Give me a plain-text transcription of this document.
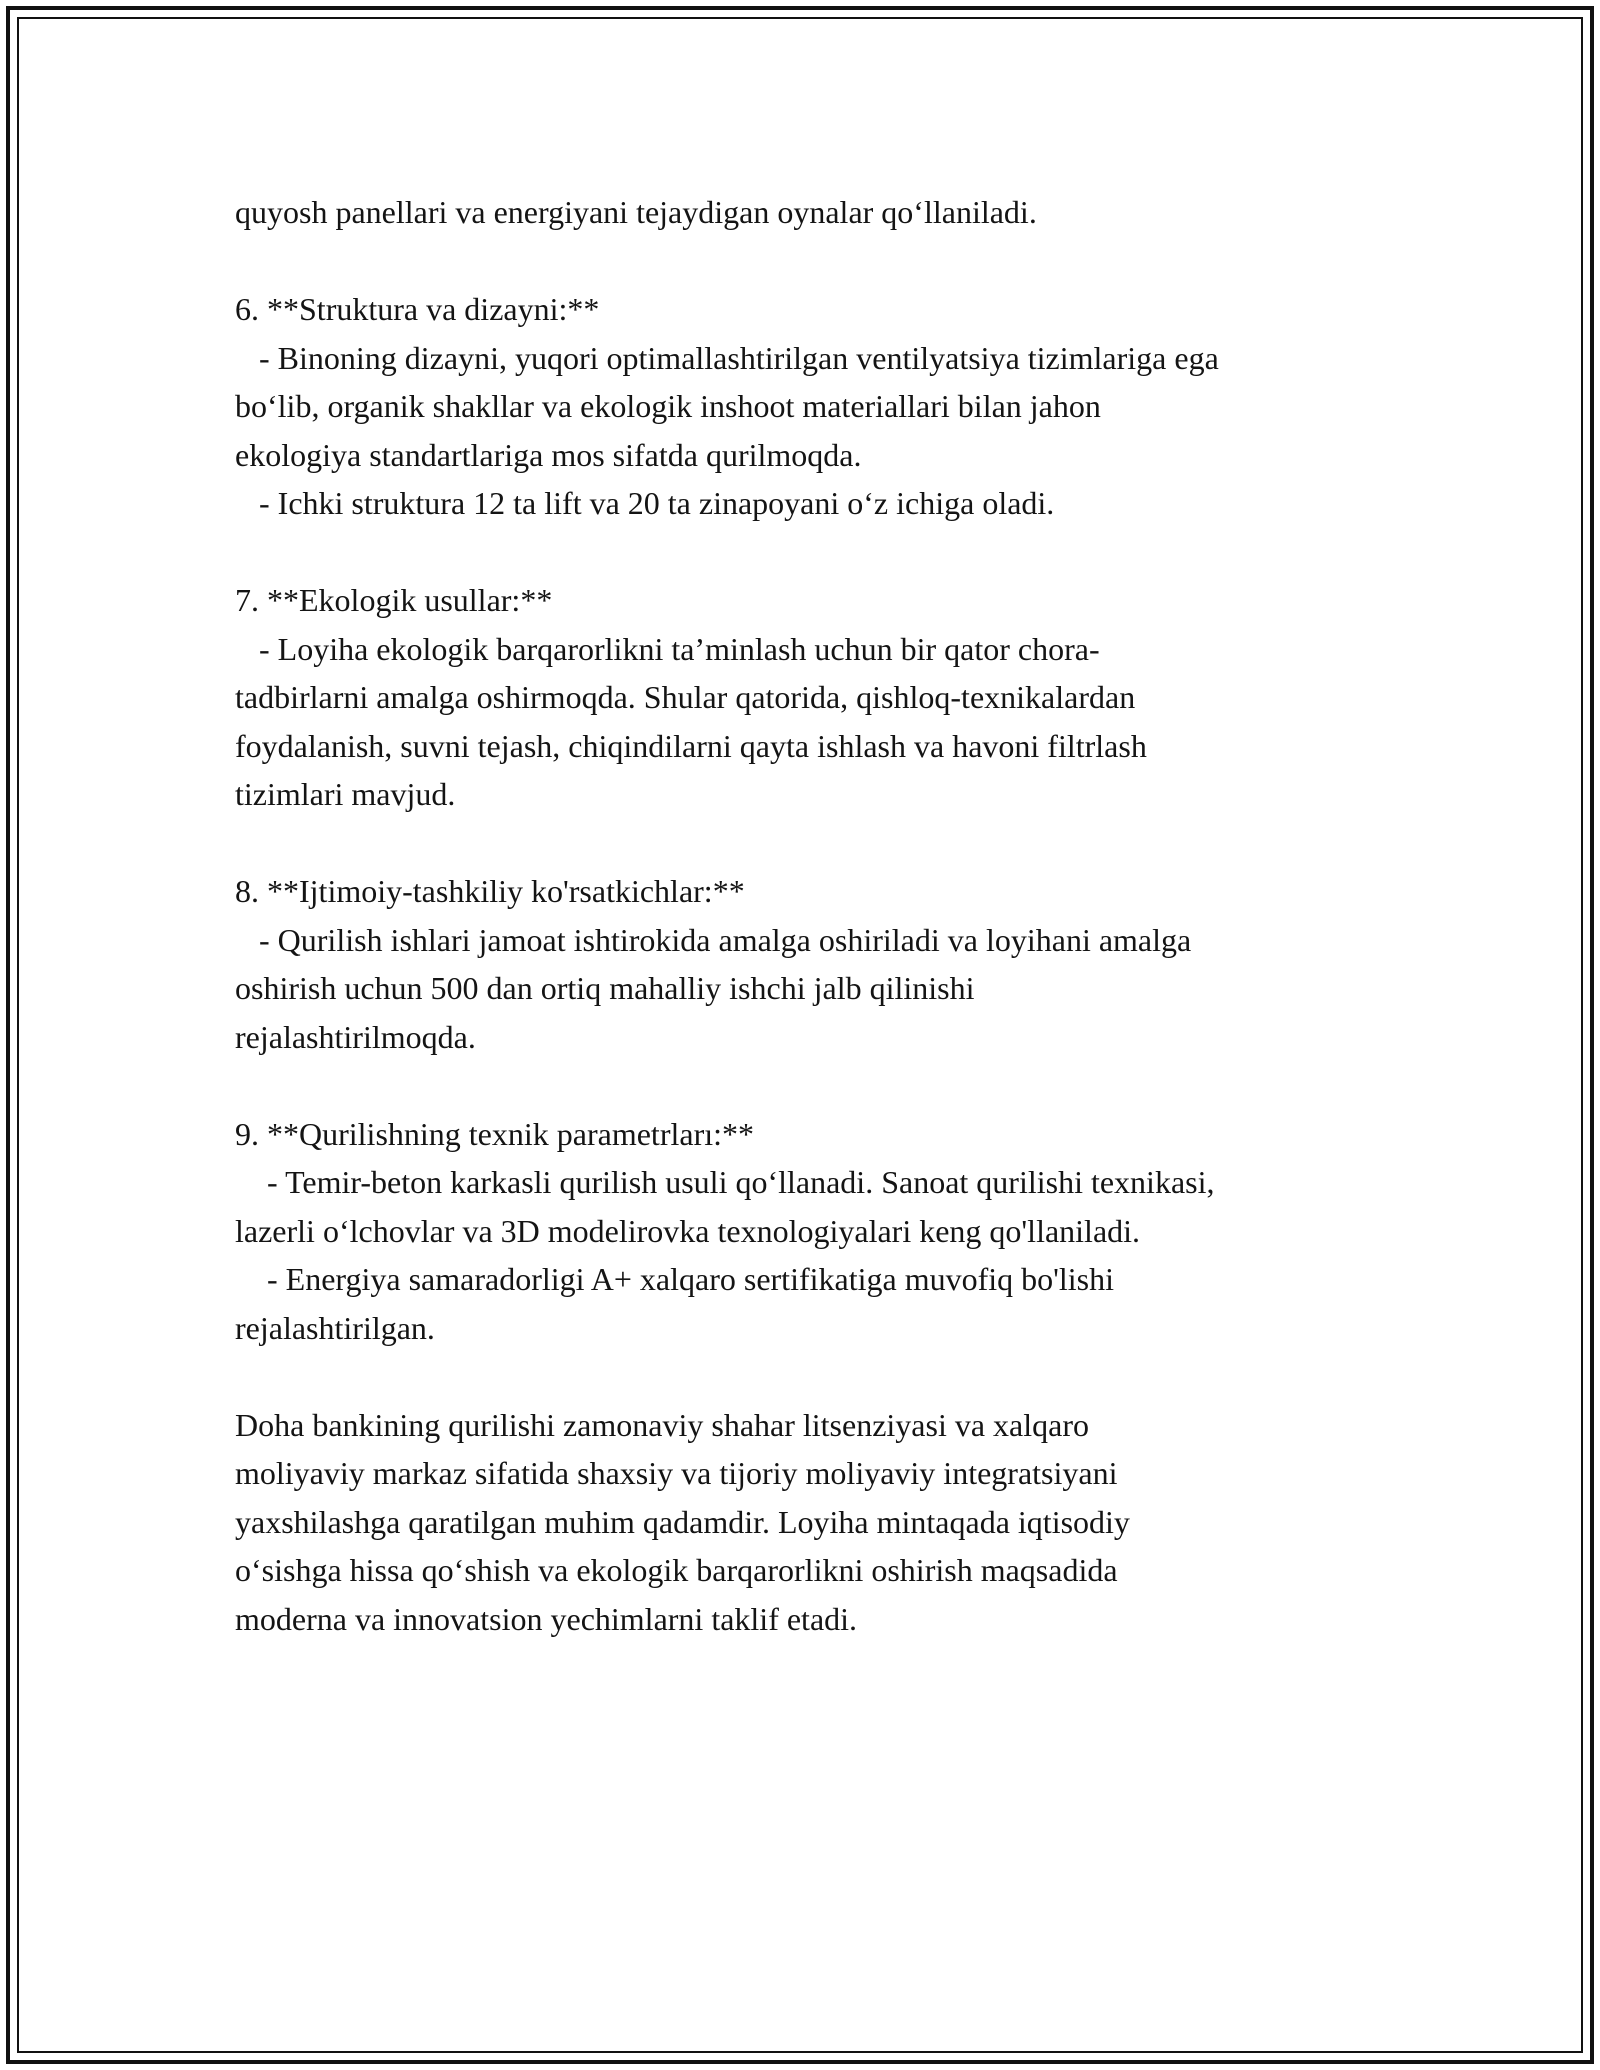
quyosh panellari va energiyani tejaydigan oynalar qo‘llaniladi.
6. **Struktura va dizayni:**
- Binoning dizayni, yuqori optimallashtirilgan ventilyatsiya tizimlariga ega
bo‘lib, organik shakllar va ekologik inshoot materiallari bilan jahon
ekologiya standartlariga mos sifatda qurilmoqda.
- Ichki struktura 12 ta lift va 20 ta zinapoyani o‘z ichiga oladi.
7. **Ekologik usullar:**
- Loyiha ekologik barqarorlikni ta’minlash uchun bir qator chora-
tadbirlarni amalga oshirmoqda. Shular qatorida, qishloq-texnikalardan
foydalanish, suvni tejash, chiqindilarni qayta ishlash va havoni filtrlash
tizimlari mavjud.
8. **Ijtimoiy-tashkiliy ko'rsatkichlar:**
- Qurilish ishlari jamoat ishtirokida amalga oshiriladi va loyihani amalga
oshirish uchun 500 dan ortiq mahalliy ishchi jalb qilinishi
rejalashtirilmoqda.
9. **Qurilishning texnik parametrları:**
- Temir-beton karkasli qurilish usuli qo‘llanadi. Sanoat qurilishi texnikasi,
lazerli o‘lchovlar va 3D modelirovka texnologiyalari keng qo'llaniladi.
- Energiya samaradorligi A+ xalqaro sertifikatiga muvofiq bo'lishi
rejalashtirilgan.
Doha bankining qurilishi zamonaviy shahar litsenziyasi va xalqaro
moliyaviy markaz sifatida shaxsiy va tijoriy moliyaviy integratsiyani
yaxshilashga qaratilgan muhim qadamdir. Loyiha mintaqada iqtisodiy
o‘sishga hissa qo‘shish va ekologik barqarorlikni oshirish maqsadida
moderna va innovatsion yechimlarni taklif etadi.
